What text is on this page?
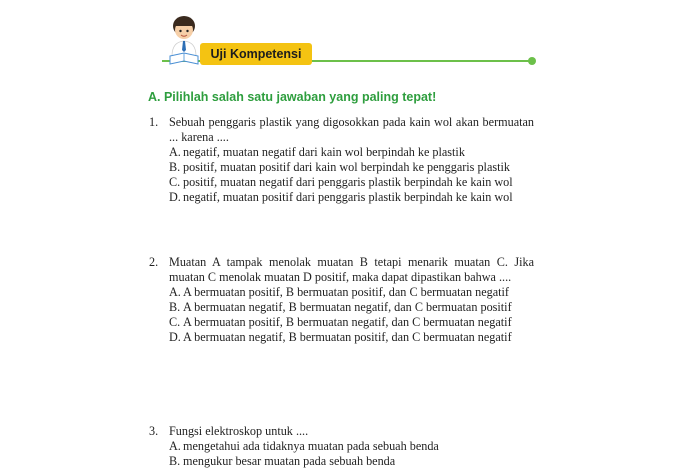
Uji Kompetensi
A. Pilihlah salah satu jawaban yang paling tepat!
1. Sebuah penggaris plastik yang digosokkan pada kain wol akan bermuatan ... karena ....
A. negatif, muatan negatif dari kain wol berpindah ke plastik
B. positif, muatan positif dari kain wol berpindah ke penggaris plastik
C. positif, muatan negatif dari penggaris plastik berpindah ke kain wol
D. negatif, muatan positif dari penggaris plastik berpindah ke kain wol
2. Muatan A tampak menolak muatan B tetapi menarik muatan C. Jika muatan C menolak muatan D positif, maka dapat dipastikan bahwa ....
A. A bermuatan positif, B bermuatan positif, dan C bermuatan negatif
B. A bermuatan negatif, B bermuatan negatif, dan C bermuatan positif
C. A bermuatan positif, B bermuatan negatif, dan C bermuatan negatif
D. A bermuatan negatif, B bermuatan positif, dan C bermuatan negatif
3. Fungsi elektroskop untuk ....
A. mengetahui ada tidaknya muatan pada sebuah benda
B. mengukur besar muatan pada sebuah benda
